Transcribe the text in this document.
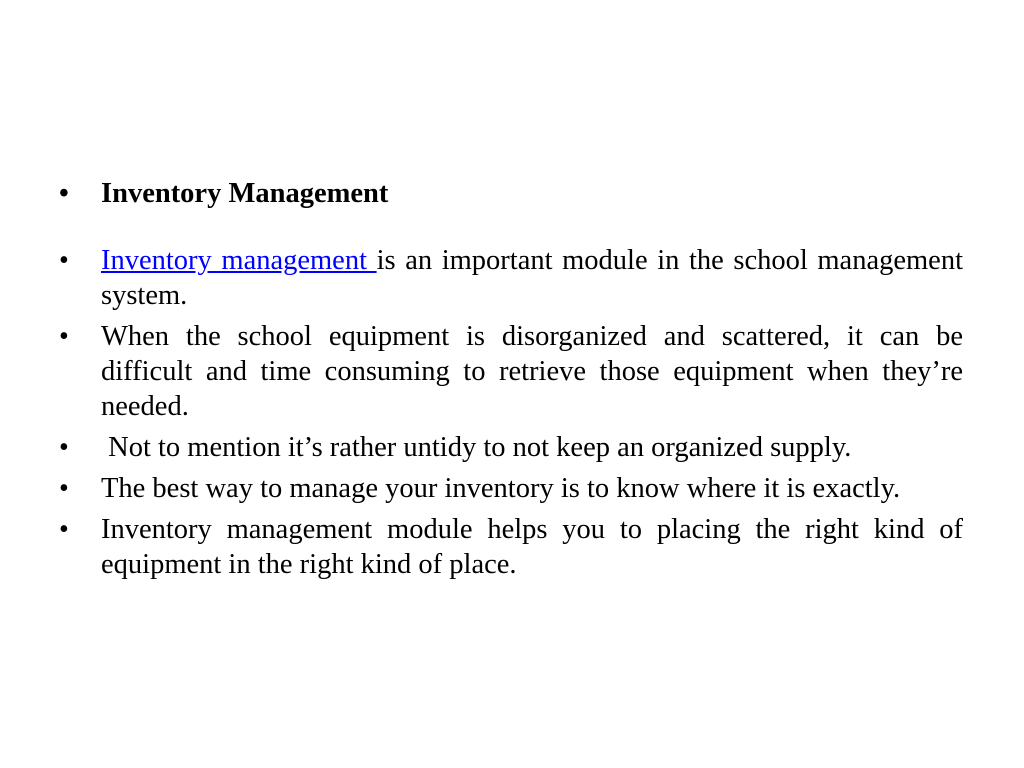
• Inventory Management
• Inventory management is an important module in the school management system.
• When the school equipment is disorganized and scattered, it can be difficult and time consuming to retrieve those equipment when they’re needed.
• Not to mention it’s rather untidy to not keep an organized supply.
• The best way to manage your inventory is to know where it is exactly.
• Inventory management module helps you to placing the right kind of equipment in the right kind of place.
